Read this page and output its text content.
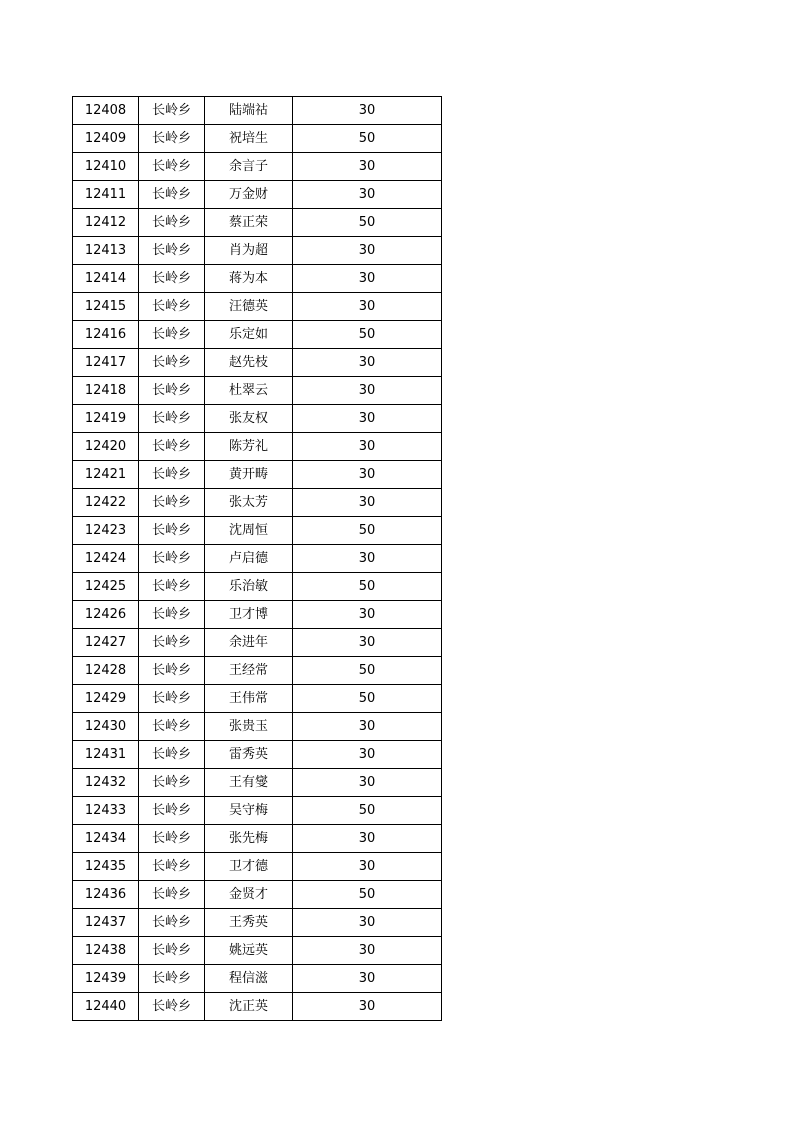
12408	长岭乡	陆端祜	30
12409	长岭乡	祝培生	50
12410	长岭乡	余言子	30
12411	长岭乡	万金财	30
12412	长岭乡	蔡正荣	50
12413	长岭乡	肖为超	30
12414	长岭乡	蒋为本	30
12415	长岭乡	汪德英	30
12416	长岭乡	乐定如	50
12417	长岭乡	赵先枝	30
12418	长岭乡	杜翠云	30
12419	长岭乡	张友权	30
12420	长岭乡	陈芳礼	30
12421	长岭乡	黄开畴	30
12422	长岭乡	张太芳	30
12423	长岭乡	沈周恒	50
12424	长岭乡	卢启德	30
12425	长岭乡	乐治敏	50
12426	长岭乡	卫才博	30
12427	长岭乡	余进年	30
12428	长岭乡	王经常	50
12429	长岭乡	王伟常	50
12430	长岭乡	张贵玉	30
12431	长岭乡	雷秀英	30
12432	长岭乡	王有燮	30
12433	长岭乡	吴守梅	50
12434	长岭乡	张先梅	30
12435	长岭乡	卫才德	30
12436	长岭乡	金贤才	50
12437	长岭乡	王秀英	30
12438	长岭乡	姚远英	30
12439	长岭乡	程信滋	30
12440	长岭乡	沈正英	30
